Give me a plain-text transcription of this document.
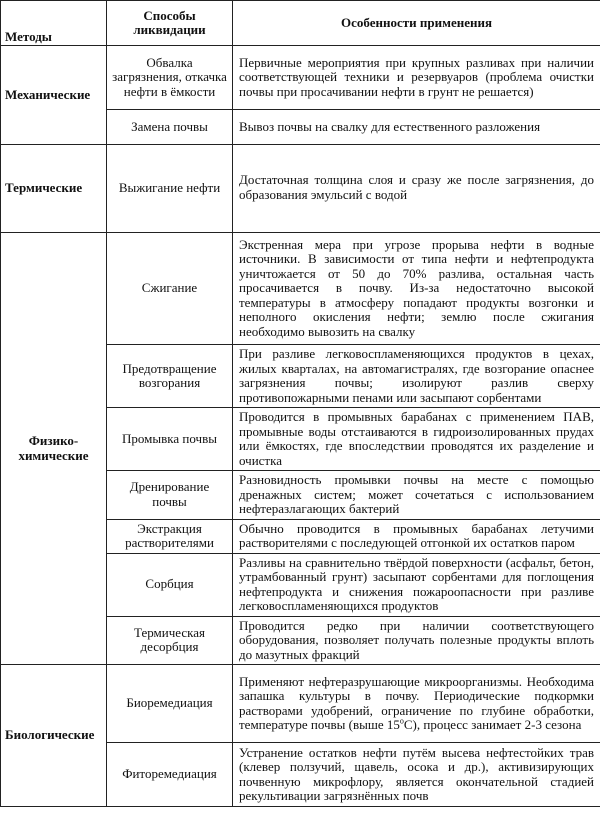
Методы	Способы ликвидации	Особенности применения
Механические	Обвалка загрязнения, откачка нефти в ёмкости	Первичные мероприятия при крупных разливах при наличии соответствующей техники и резервуаров (проблема очистки почвы при просачивании нефти в грунт не решается)
	Замена почвы	Вывоз почвы на свалку для естественного разложения
Термические	Выжигание нефти	Достаточная толщина слоя и сразу же после загрязнения, до образования эмульсий с водой
Физико-химические	Сжигание	Экстренная мера при угрозе прорыва нефти в водные источники. В зависимости от типа нефти и нефтепродукта уничтожается от 50 до 70% разлива, остальная часть просачивается в почву. Из-за недостаточно высокой температуры в атмосферу попадают продукты возгонки и неполного окисления нефти; землю после сжигания необходимо вывозить на свалку
	Предотвращение возгорания	При разливе легковоспламеняющихся продуктов в цехах, жилых кварталах, на автомагистралях, где возгорание опаснее загрязнения почвы; изолируют разлив сверху противопожарными пенами или засыпают сорбентами
	Промывка почвы	Проводится в промывных барабанах с применением ПАВ, промывные воды отстаиваются в гидроизолированных прудах или ёмкостях, где впоследствии проводятся их разделение и очистка
	Дренирование почвы	Разновидность промывки почвы на месте с помощью дренажных систем; может сочетаться с использованием нефтеразлагающих бактерий
	Экстракция растворителями	Обычно проводится в промывных барабанах летучими растворителями с последующей отгонкой их остатков паром
	Сорбция	Разливы на сравнительно твёрдой поверхности (асфальт, бетон, утрамбованный грунт) засыпают сорбентами для поглощения нефтепродукта и снижения пожароопасности при разливе легковоспламеняющихся продуктов
	Термическая десорбция	Проводится редко при наличии соответствующего оборудования, позволяет получать полезные продукты вплоть до мазутных фракций
Биологические	Биоремедиация	Применяют нефтеразрушающие микроорганизмы. Необходима запашка культуры в почву. Периодические подкормки растворами удобрений, ограничение по глубине обработки, температуре почвы (выше 15$^o$С), процесс занимает 2-3 сезона
	Фиторемедиация	Устранение остатков нефти путём высева нефтестойких трав (клевер ползучий, щавель, осока и др.), активизирующих почвенную микрофлору, является окончательной стадией рекультивации загрязнённых почв
